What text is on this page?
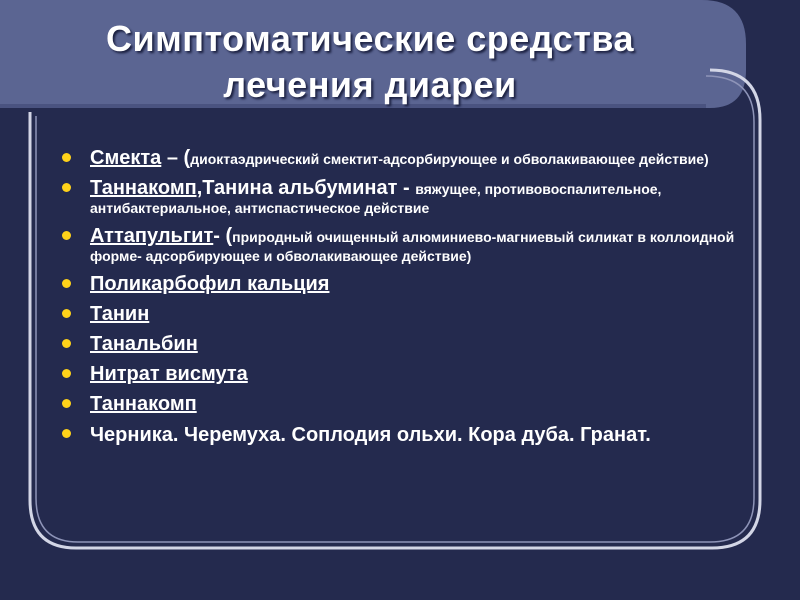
Симптоматические средства
лечения диареи
Смекта – (диоктаэдрический смектит-адсорбирующее и обволакивающее действие)
Таннакомп,Танина альбуминат - вяжущее, противовоспалительное, антибактериальное, антиспастическое действие
Аттапульгит- (природный очищенный алюминиево-магниевый силикат в коллоидной форме- адсорбирующее и обволакивающее действие)
Поликарбофил кальция
Танин
Танальбин
Нитрат висмута
Таннакомп
Черника. Черемуха. Соплодия ольхи. Кора дуба. Гранат.
